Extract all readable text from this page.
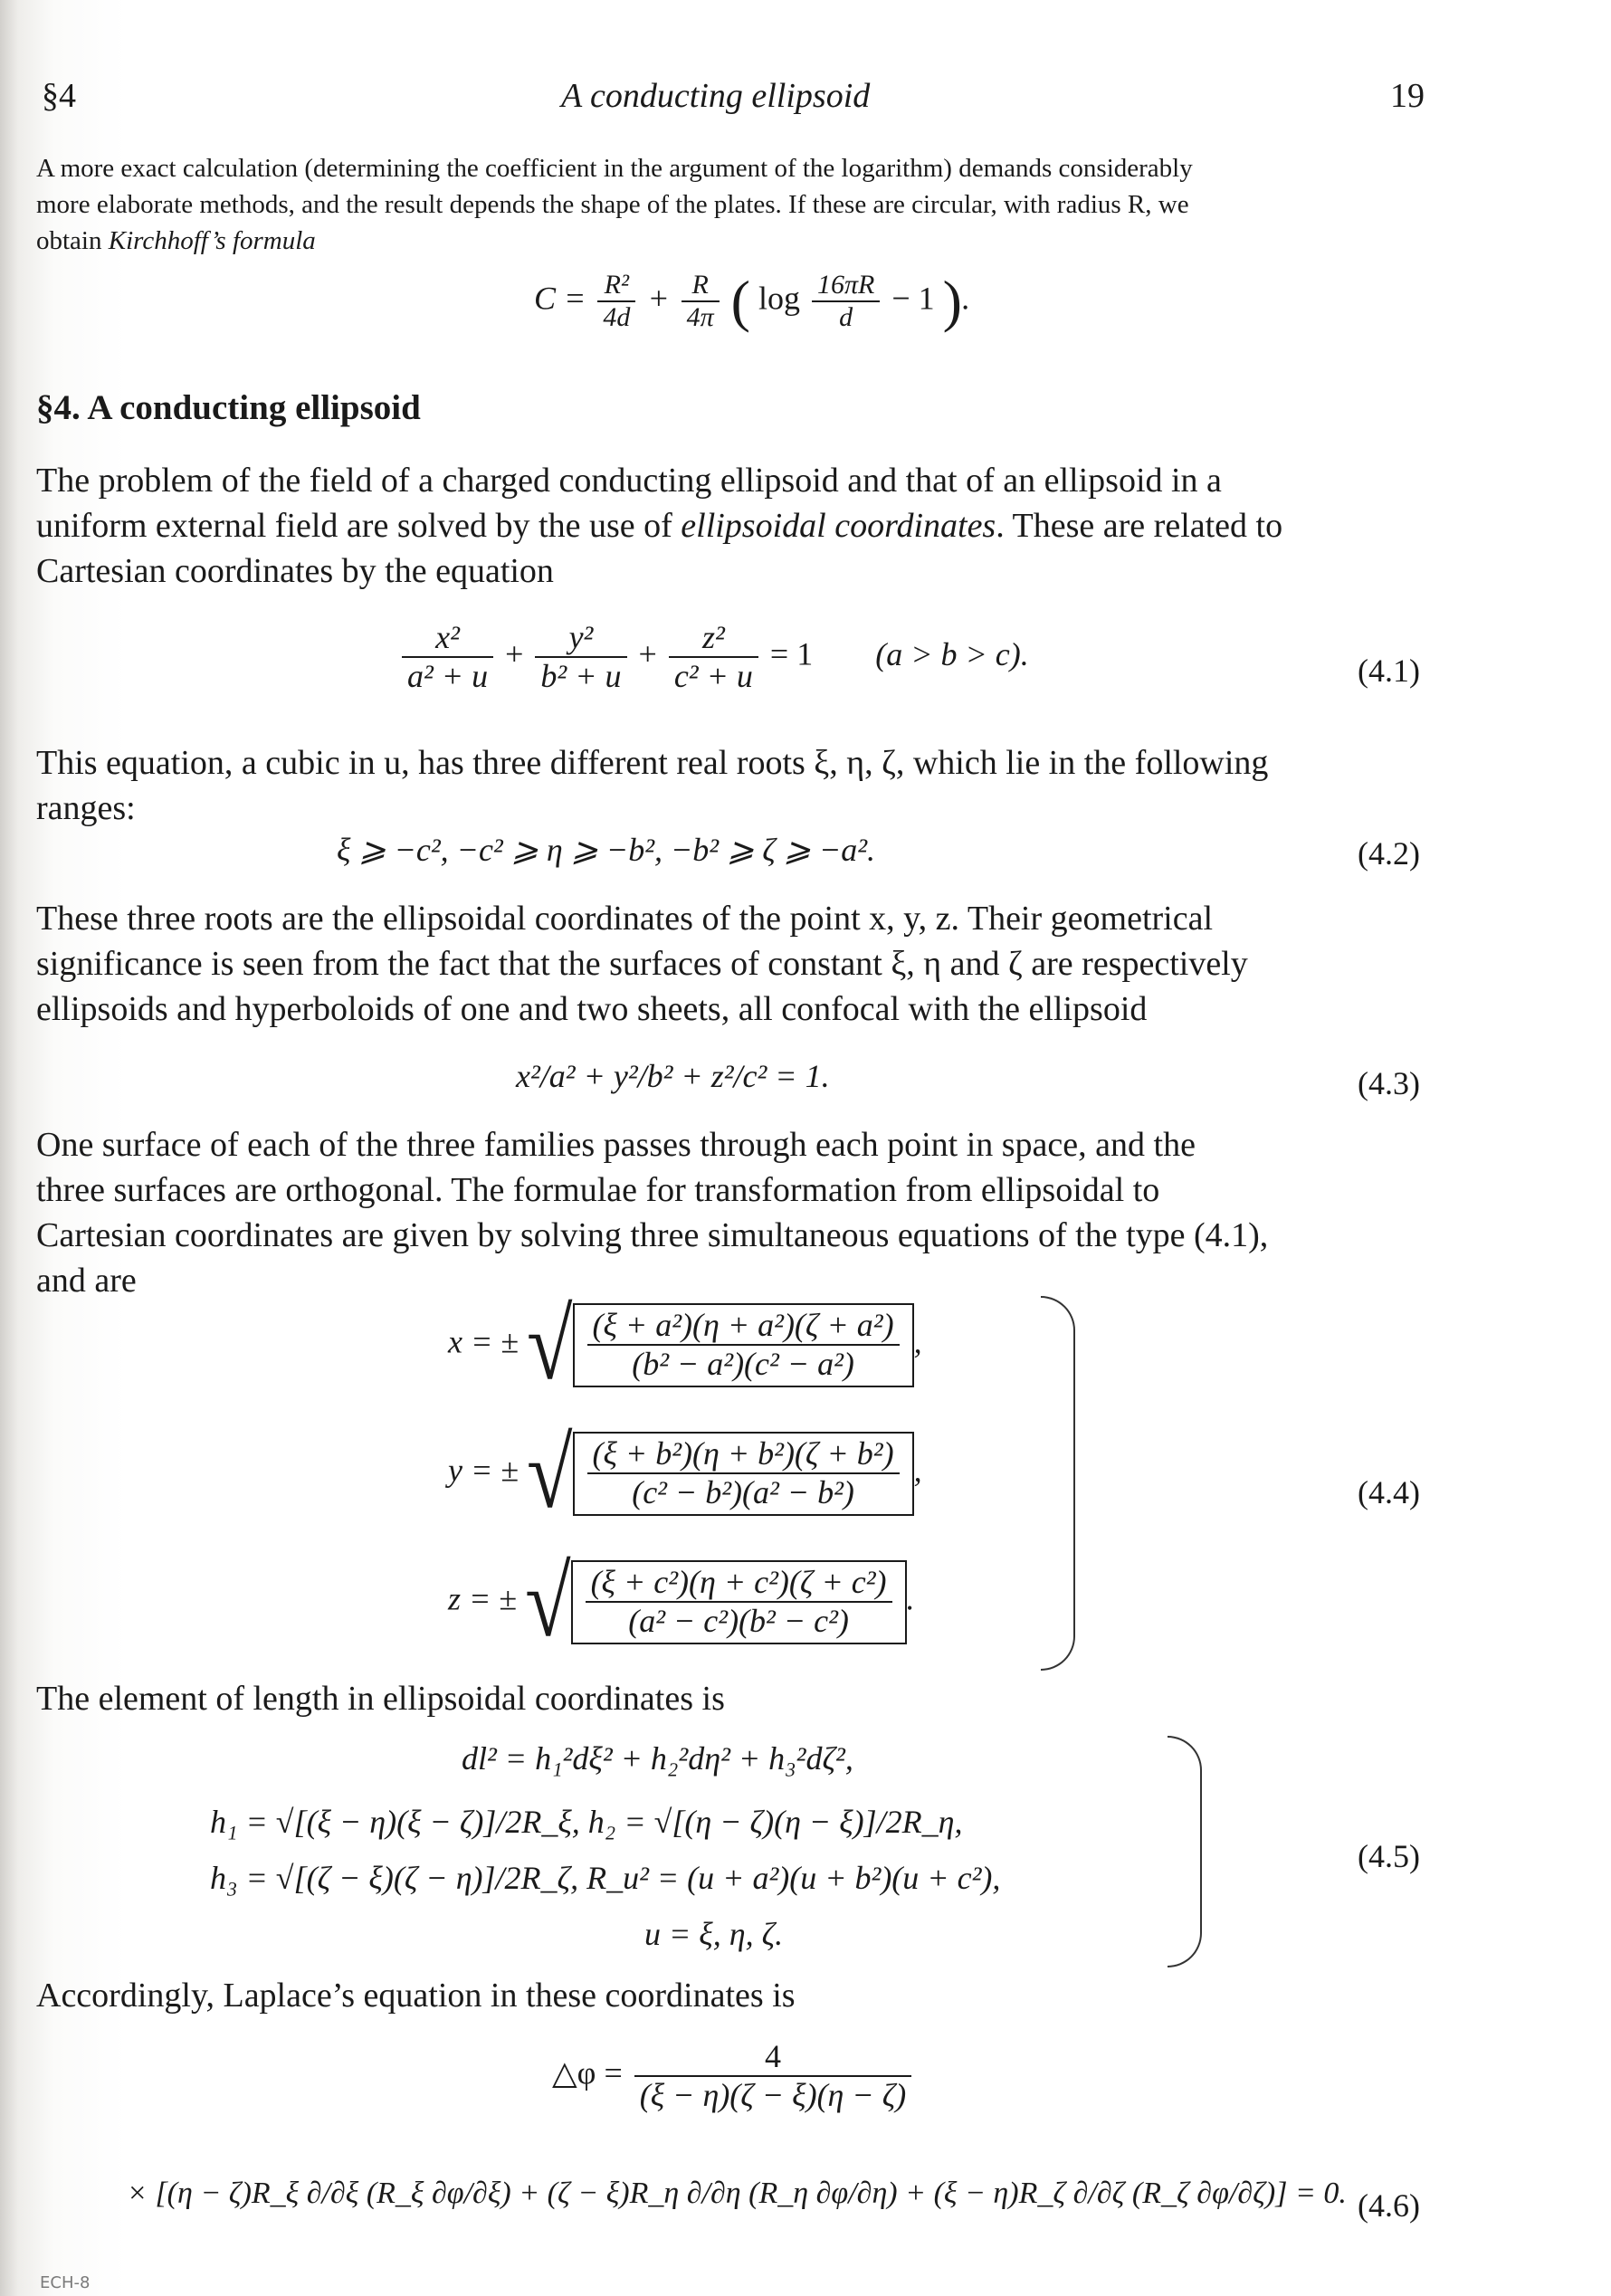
§4	A conducting ellipsoid	19
A more exact calculation (determining the coefficient in the argument of the logarithm) demands considerably
more elaborate methods, and the result depends the shape of the plates. If these are circular, with radius R, we
obtain Kirchhoff’s formula
$C = \frac{\text{R²}}{4d} + \frac{R}{4\pi}$ ( $\log \frac{16\pi R}{d} - 1$ ).
§4. A conducting ellipsoid
The problem of the field of a charged conducting ellipsoid and that of an ellipsoid in a
uniform external field are solved by the use of ellipsoidal coordinates. These are related to
Cartesian coordinates by the equation
$\frac{\text{x²}}{\text{a² + u}} + \frac{\text{y²}}{\text{b² + u}} + \frac{\text{z²}}{\text{c² + u}} = 1$ (a > b > c).	(4.1)
This equation, a cubic in u, has three different real roots ξ, η, ζ, which lie in the following
ranges:
ξ ⩾ −c², −c² ⩾ η ⩾ −b², −b² ⩾ ζ ⩾ −a².	(4.2)
These three roots are the ellipsoidal coordinates of the point x, y, z. Their geometrical
significance is seen from the fact that the surfaces of constant ξ, η and ζ are respectively
ellipsoids and hyperboloids of one and two sheets, all confocal with the ellipsoid
x²/a² + y²/b² + z²/c² = 1.	(4.3)
One surface of each of the three families passes through each point in space, and the
three surfaces are orthogonal. The formulae for transformation from ellipsoidal to
Cartesian coordinates are given by solving three simultaneous equations of the type (4.1),
and are
x = ± √ $\frac{\text{(ξ + a²)(η + a²)(ζ + a²)}}{\text{(b² − a²)(c² − a²)}}$ ,
y = ± √ $\frac{\text{(ξ + b²)(η + b²)(ζ + b²)}}{\text{(c² − b²)(a² − b²)}}$ ,
z = ± √ $\frac{\text{(ξ + c²)(η + c²)(ζ + c²)}}{\text{(a² − c²)(b² − c²)}}$ .
(4.4)
The element of length in ellipsoidal coordinates is
dl² = h₁²dξ² + h₂²dη² + h₃²dζ²,
h₁ = √[(ξ − η)(ξ − ζ)]/2R_ξ, h₂ = √[(η − ζ)(η − ξ)]/2R_η,
h₃ = √[(ζ − ξ)(ζ − η)]/2R_ζ, R_u² = (u + a²)(u + b²)(u + c²),
u = ξ, η, ζ.
(4.5)
Accordingly, Laplace’s equation in these coordinates is
△φ = $\frac{4}{(\xi - \eta)(\zeta - \xi)(\eta - \zeta)}$
× [(η − ζ)R_ξ ∂/∂ξ (R_ξ ∂φ/∂ξ) + (ζ − ξ)R_η ∂/∂η (R_η ∂φ/∂η) + (ξ − η)R_ζ ∂/∂ζ (R_ζ ∂φ/∂ζ)] = 0. (4.6)
ECH-8
